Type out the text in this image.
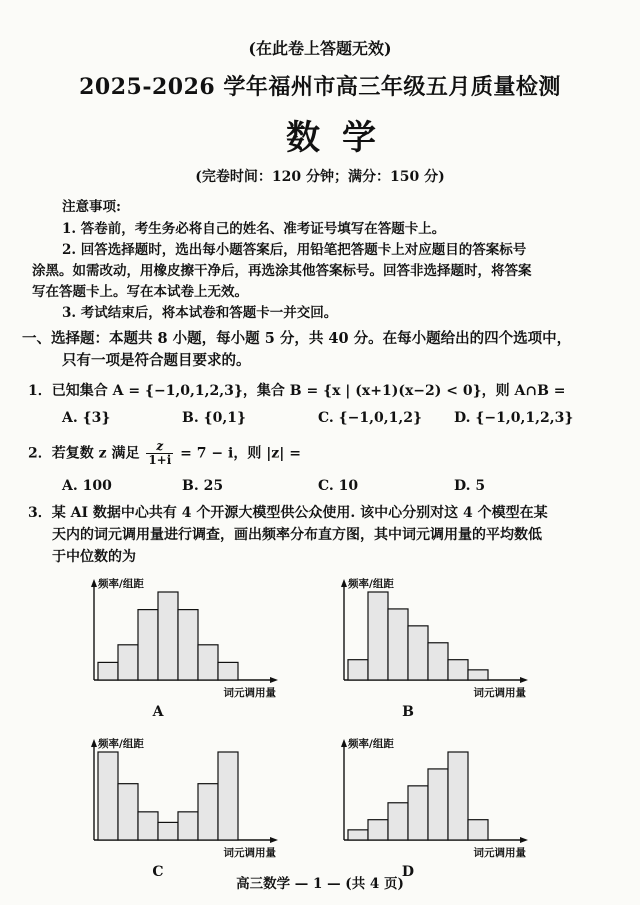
(在此卷上答题无效)
2025-2026 学年福州市高三年级五月质量检测
数学
(完卷时间：120 分钟；满分：150 分)
注意事项:
1. 答卷前，考生务必将自己的姓名、准考证号填写在答题卡上。
2. 回答选择题时，选出每小题答案后，用铅笔把答题卡上对应题目的答案标号
涂黑。如需改动，用橡皮擦干净后，再选涂其他答案标号。回答非选择题时，将答案
写在答题卡上。写在本试卷上无效。
3. 考试结束后，将本试卷和答题卡一并交回。
一、选择题：本题共 8 小题，每小题 5 分，共 40 分。在每小题给出的四个选项中，
只有一项是符合题目要求的。
1．已知集合 A = {−1,0,1,2,3}，集合 B = {x | (x+1)(x−2) < 0}，则 A∩B =
A. {3}	B. {0,1}	C. {−1,0,1,2} D. {−1,0,1,2,3}
2．若复数 z 满足 $\frac{z}{1+i} = 7 - i$，则 |z| =
A. 100	B. 25	C. 10	D. 5
3．某 AI 数据中心共有 4 个开源大模型供公众使用. 该中心分别对这 4 个模型在某
天内的词元调用量进行调查，画出频率分布直方图，其中词元调用量的平均数低
于中位数的为
频率/组距
词元调用量
A
频率/组距
词元调用量
B
频率/组距
词元调用量
C
频率/组距
词元调用量
D
高三数学 — 1 — (共 4 页)
